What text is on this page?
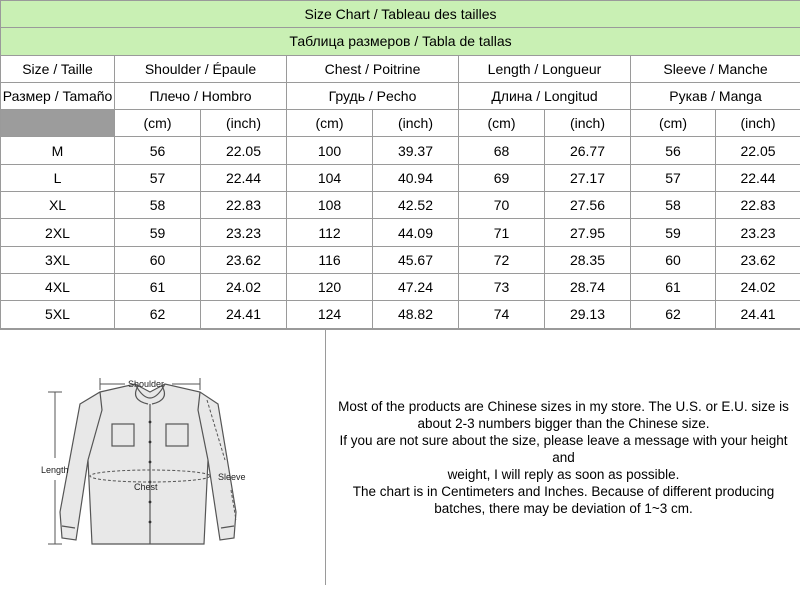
Size Chart / Tableau des tailles								
Таблица размеров / Tabla de tallas								
Size / Taille	Shoulder / Épaule		Chest / Poitrine		Length / Longueur		Sleeve / Manche	
Размер / Tamaño	Плечо / Hombro		Грудь / Pecho		Длина / Longitud		Рукав / Manga	
	(cm)	(inch)	(cm)	(inch)	(cm)	(inch)	(cm)	(inch)
M	56	22.05	100	39.37	68	26.77	56	22.05
L	57	22.44	104	40.94	69	27.17	57	22.44
XL	58	22.83	108	42.52	70	27.56	58	22.83
2XL	59	23.23	112	44.09	71	27.95	59	23.23
3XL	60	23.62	116	45.67	72	28.35	60	23.62
4XL	61	24.02	120	47.24	73	28.74	61	24.02
5XL	62	24.41	124	48.82	74	29.13	62	24.41
Shoulder
Length
Chest
Sleeve
Most of the products are Chinese sizes in my store. The U.S. or E.U. size is
about 2-3 numbers bigger than the Chinese size.
If you are not sure about the size, please leave a message with your height and
weight, I will reply as soon as possible.
The chart is in Centimeters and Inches. Because of different producing
batches, there may be deviation of 1~3 cm.
